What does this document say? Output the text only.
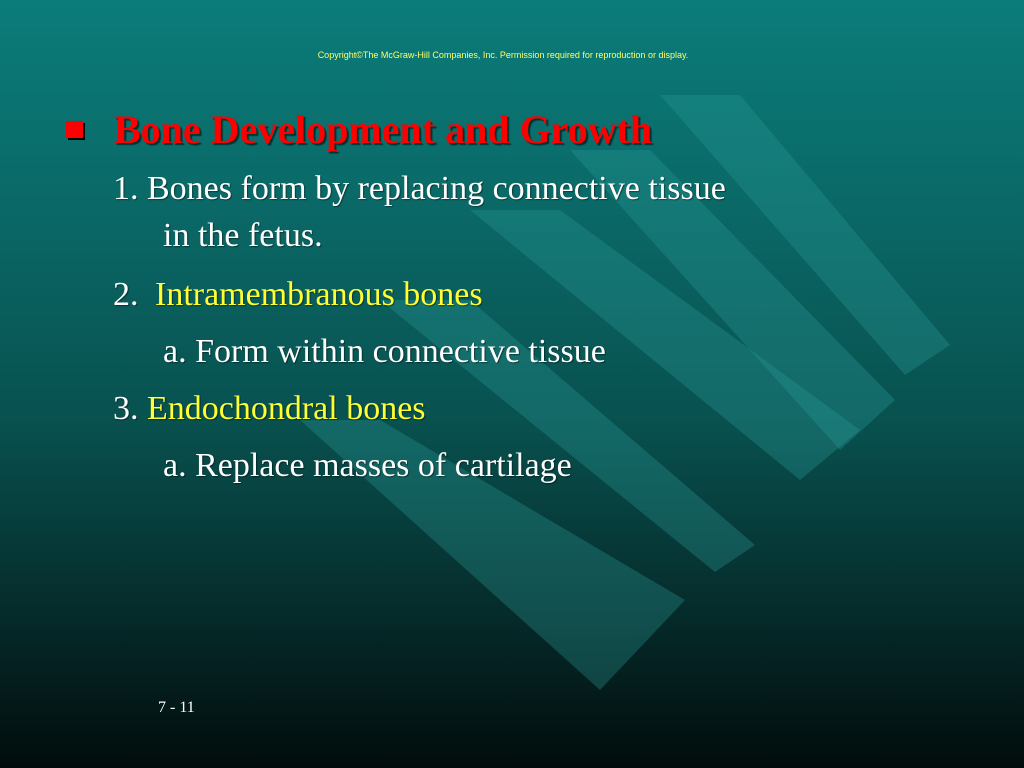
Copyright©The McGraw-Hill Companies, Inc. Permission required for reproduction or display.
Bone Development and Growth
1. Bones form by replacing connective tissue
in the fetus.
2. Intramembranous bones
a. Form within connective tissue
3. Endochondral bones
a. Replace masses of cartilage
7 - 11
